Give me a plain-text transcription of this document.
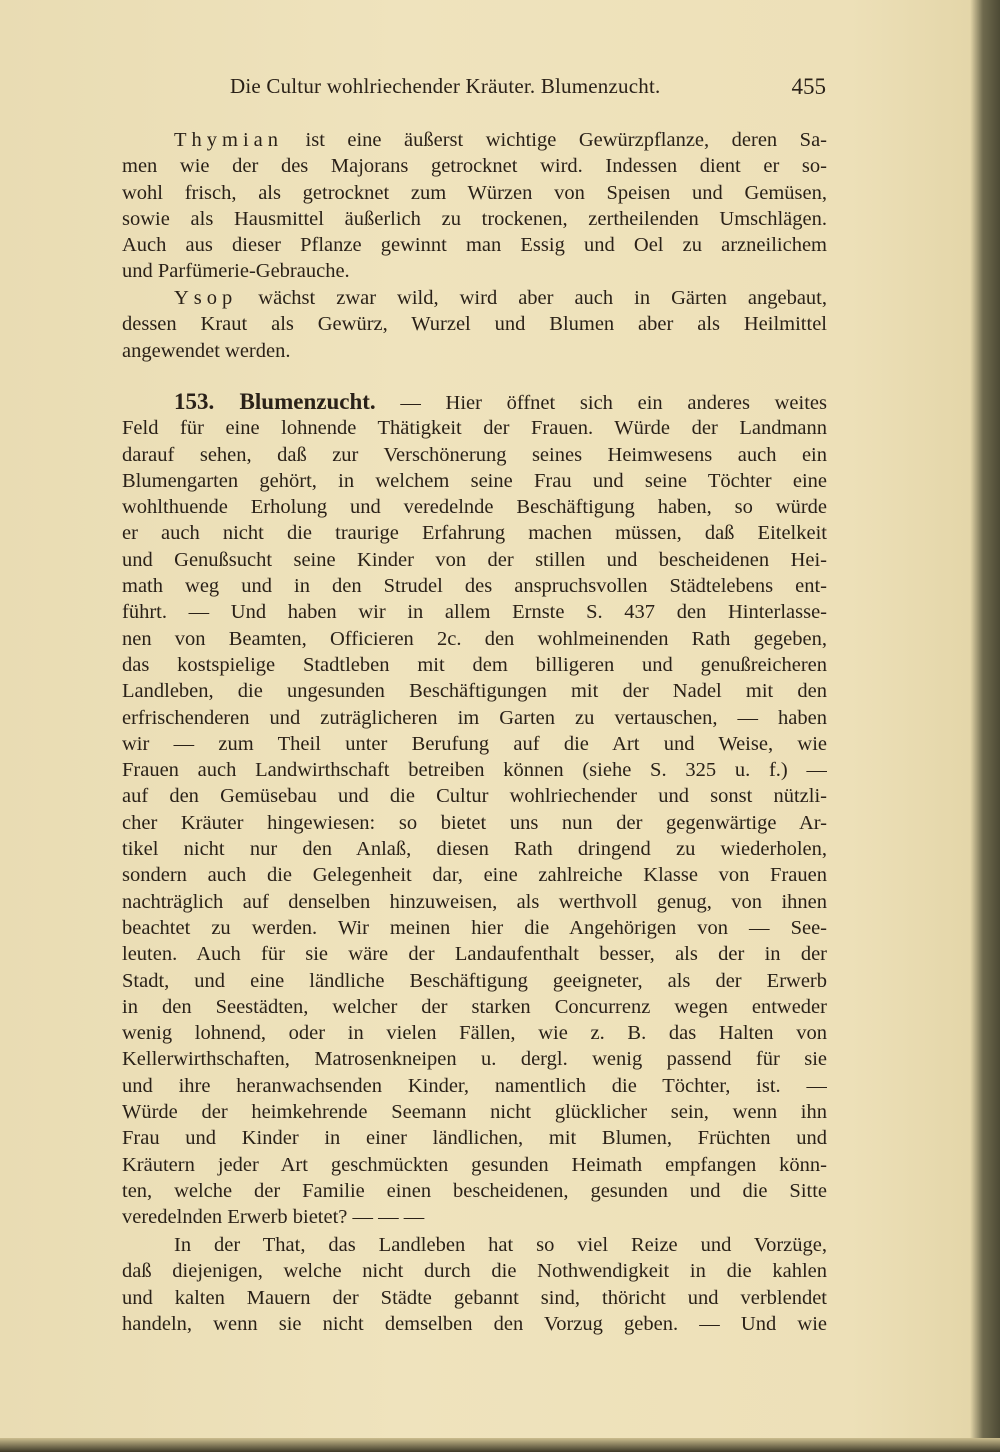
Die Cultur wohlriechender Kräuter. Blumenzucht.	455
Thymian ist eine äußerst wichtige Gewürzpflanze, deren Sa-
men wie der des Majorans getrocknet wird. Indessen dient er so-
wohl frisch, als getrocknet zum Würzen von Speisen und Gemüsen,
sowie als Hausmittel äußerlich zu trockenen, zertheilenden Umschlägen.
Auch aus dieser Pflanze gewinnt man Essig und Oel zu arzneilichem
und Parfümerie-Gebrauche.
Ysop wächst zwar wild, wird aber auch in Gärten angebaut,
dessen Kraut als Gewürz, Wurzel und Blumen aber als Heilmittel
angewendet werden.
153. Blumenzucht. — Hier öffnet sich ein anderes weites
Feld für eine lohnende Thätigkeit der Frauen. Würde der Landmann
darauf sehen, daß zur Verschönerung seines Heimwesens auch ein
Blumengarten gehört, in welchem seine Frau und seine Töchter eine
wohlthuende Erholung und veredelnde Beschäftigung haben, so würde
er auch nicht die traurige Erfahrung machen müssen, daß Eitelkeit
und Genußsucht seine Kinder von der stillen und bescheidenen Hei-
math weg und in den Strudel des anspruchsvollen Städtelebens ent-
führt. — Und haben wir in allem Ernste S. 437 den Hinterlasse-
nen von Beamten, Officieren 2c. den wohlmeinenden Rath gegeben,
das kostspielige Stadtleben mit dem billigeren und genußreicheren
Landleben, die ungesunden Beschäftigungen mit der Nadel mit den
erfrischenderen und zuträglicheren im Garten zu vertauschen, — haben
wir — zum Theil unter Berufung auf die Art und Weise, wie
Frauen auch Landwirthschaft betreiben können (siehe S. 325 u. f.) —
auf den Gemüsebau und die Cultur wohlriechender und sonst nützli-
cher Kräuter hingewiesen: so bietet uns nun der gegenwärtige Ar-
tikel nicht nur den Anlaß, diesen Rath dringend zu wiederholen,
sondern auch die Gelegenheit dar, eine zahlreiche Klasse von Frauen
nachträglich auf denselben hinzuweisen, als werthvoll genug, von ihnen
beachtet zu werden. Wir meinen hier die Angehörigen von — See-
leuten. Auch für sie wäre der Landaufenthalt besser, als der in der
Stadt, und eine ländliche Beschäftigung geeigneter, als der Erwerb
in den Seestädten, welcher der starken Concurrenz wegen entweder
wenig lohnend, oder in vielen Fällen, wie z. B. das Halten von
Kellerwirthschaften, Matrosenkneipen u. dergl. wenig passend für sie
und ihre heranwachsenden Kinder, namentlich die Töchter, ist. —
Würde der heimkehrende Seemann nicht glücklicher sein, wenn ihn
Frau und Kinder in einer ländlichen, mit Blumen, Früchten und
Kräutern jeder Art geschmückten gesunden Heimath empfangen könn-
ten, welche der Familie einen bescheidenen, gesunden und die Sitte
veredelnden Erwerb bietet? — — —
In der That, das Landleben hat so viel Reize und Vorzüge,
daß diejenigen, welche nicht durch die Nothwendigkeit in die kahlen
und kalten Mauern der Städte gebannt sind, thöricht und verblendet
handeln, wenn sie nicht demselben den Vorzug geben. — Und wie
